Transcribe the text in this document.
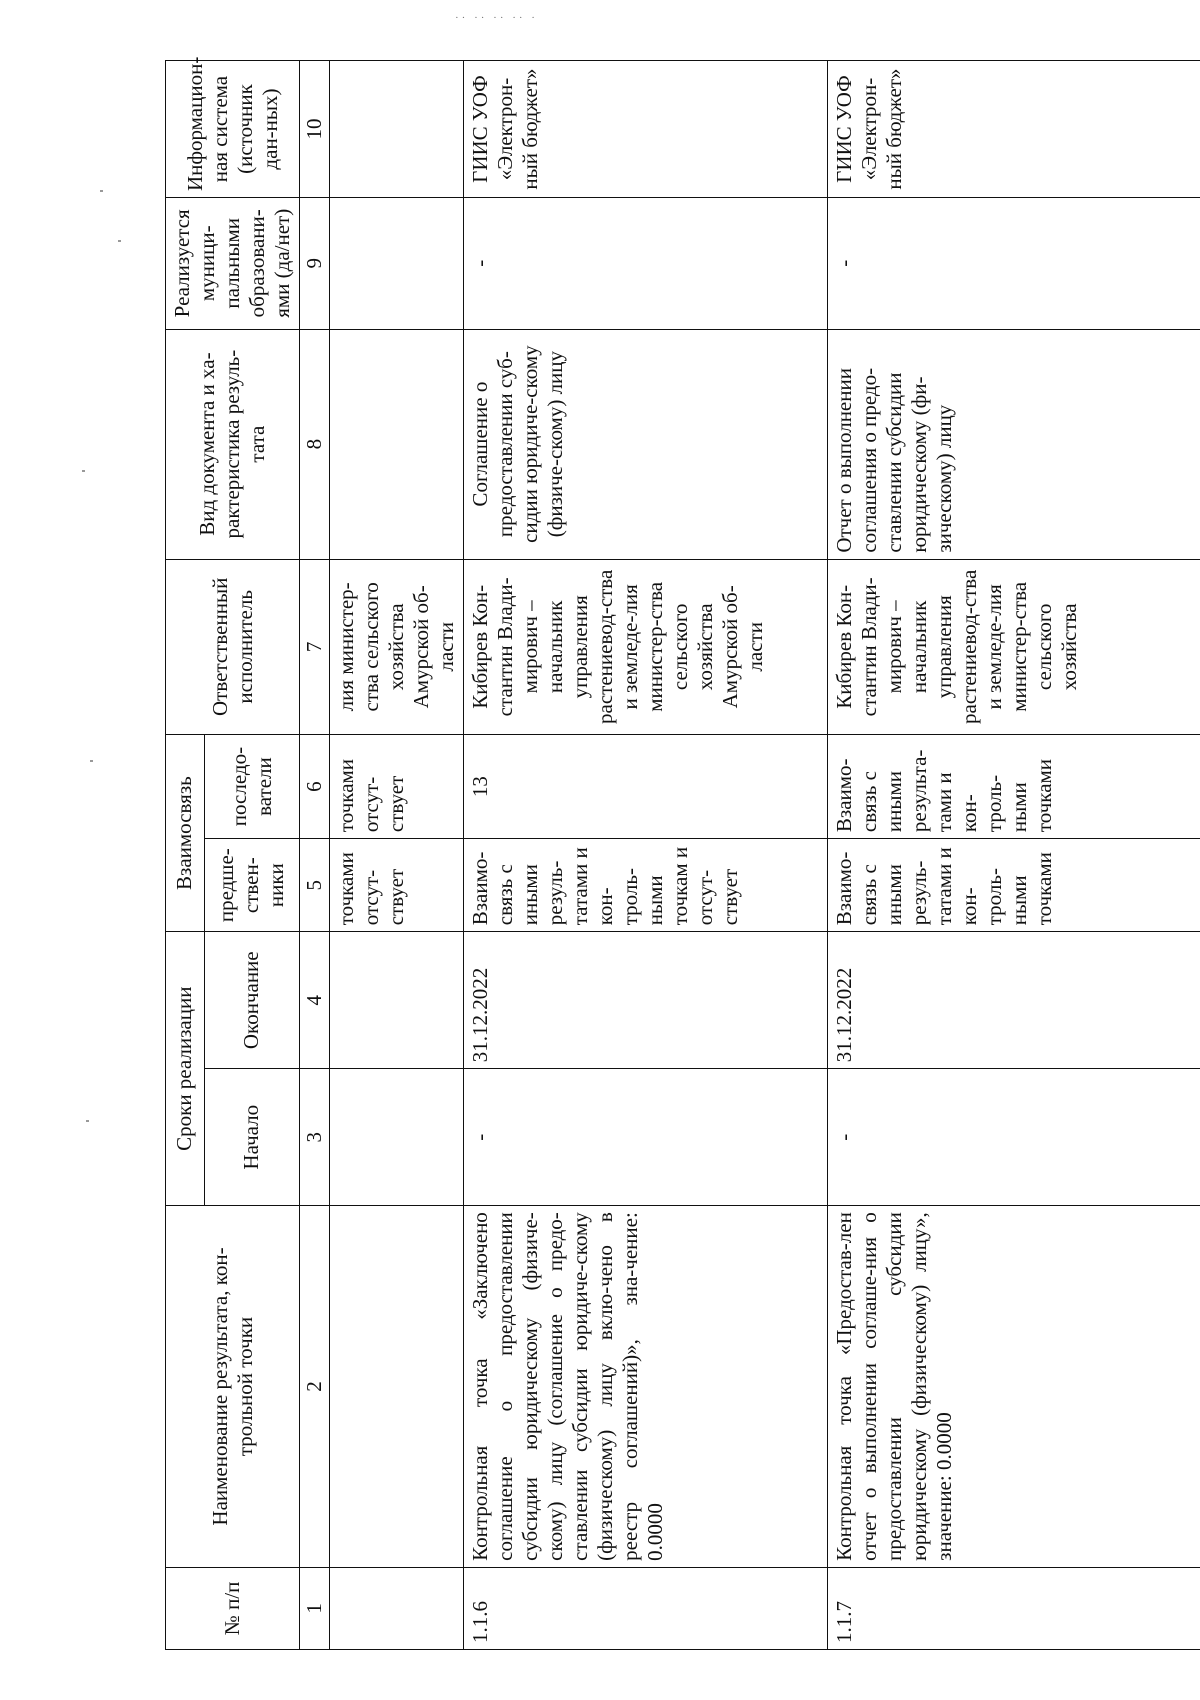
·· ·· ·· ·· ·
№ п/п	Наименование результата, кон-трольной точки	Сроки реализации		Взаимосвязь		Ответственный исполнитель	Вид документа и ха-рактеристика резуль-тата	Реализуется муници-пальными образовани-ями (да/нет)	Информацион-ная система (источник дан-ных)
		Начало	Окончание	предше-ствен-ники	последо-ватели				
1	2	3	4	5	6	7	8	9	10
				точками отсут-ствует	точками отсут-ствует	лия министер-ства сельского хозяйства Амурской об-ласти			
1.1.6	Контрольная точка «Заключено соглашение о предоставлении субсидии юридическому (физиче-скому) лицу (соглашение о предо-ставлении субсидии юридиче-скому (физическому) лицу вклю-чено в реестр соглашений)», зна-чение: 0.0000	-	31.12.2022	Взаимо-связь с иными резуль-татами и кон-троль-ными точкам и отсут-ствует	13	Кибирев Кон-стантин Влади-мирович – начальник управления растениевод-ства и земледе-лия министер-ства сельского хозяйства Амурской об-ласти	Соглашение о предоставлении суб-сидии юридиче-скому (физиче-скому) лицу	-	ГИИС УОФ «Электрон-ный бюджет»
1.1.7	Контрольная точка «Предостав-лен отчет о выполнении соглаше-ния о предоставлении субсидии юридическому (физическому) лицу», значение: 0.0000	-	31.12.2022	Взаимо-связь с иными резуль-татами и кон-троль-ными точками	Взаимо-связь с иными результа-тами и кон-троль-ными точками	Кибирев Кон-стантин Влади-мирович – начальник управления растениевод-ства и земледе-лия министер-ства сельского хозяйства	Отчет о выполнении соглашения о предо-ставлении субсидии юридическому (фи-зическому) лицу	-	ГИИС УОФ «Электрон-ный бюджет»
